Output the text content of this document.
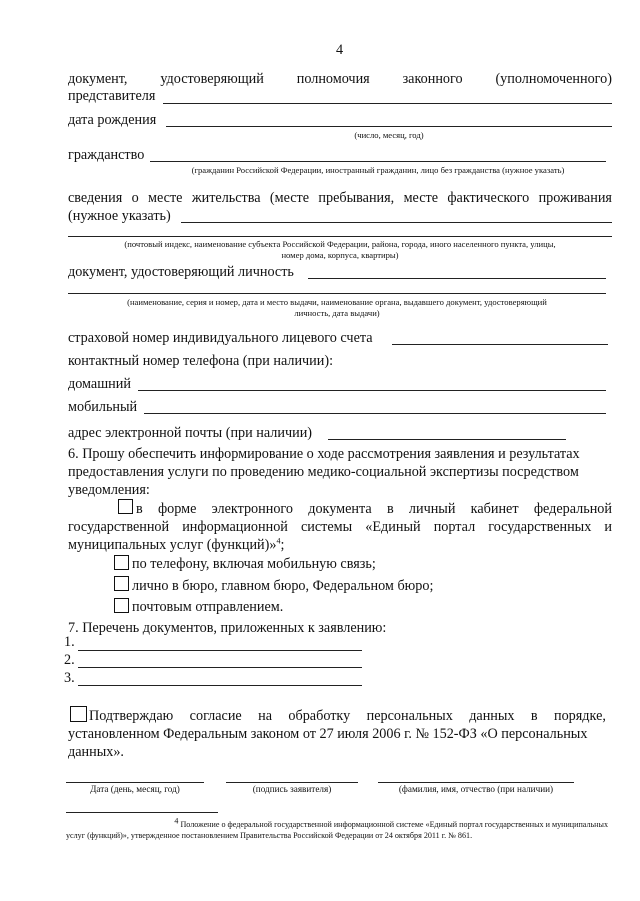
4
документ, удостоверяющий полномочия законного (уполномоченного)
представителя
дата рождения
(число, месяц, год)
гражданство
(гражданин Российской Федерации, иностранный гражданин, лицо без гражданства (нужное указать)
сведения о месте жительства (месте пребывания, месте фактического проживания
(нужное указать)
(почтовый индекс, наименование субъекта Российской Федерации, района, города, иного населенного пункта, улицы,
номер дома, корпуса, квартиры)
документ, удостоверяющий личность
(наименование, серия и номер, дата и место выдачи, наименование органа, выдавшего документ, удостоверяющий
личность, дата выдачи)
страховой номер индивидуального лицевого счета
контактный номер телефона (при наличии):
домашний
мобильный
адрес электронной почты (при наличии)
6. Прошу обеспечить информирование о ходе рассмотрения заявления и результатах
предоставления услуги по проведению медико-социальной экспертизы посредством
уведомления:
в форме электронного документа в личный кабинет федеральной
государственной информационной системы «Единый портал государственных и
муниципальных услуг (функций)»$^4$;
по телефону, включая мобильную связь;
лично в бюро, главном бюро, Федеральном бюро;
почтовым отправлением.
7. Перечень документов, приложенных к заявлению:
1.
2.
3.
Подтверждаю согласие на обработку персональных данных в порядке,
установленном Федеральным законом от 27 июля 2006 г. № 152-ФЗ «О персональных
данных».
Дата (день, месяц, год)	(подпись заявителя)	(фамилия, имя, отчество (при наличии)
$^4$ Положение о федеральной государственной информационной системе «Единый портал государственных и муниципальных
услуг (функций)», утвержденное постановлением Правительства Российской Федерации от 24 октября 2011 г. № 861.
